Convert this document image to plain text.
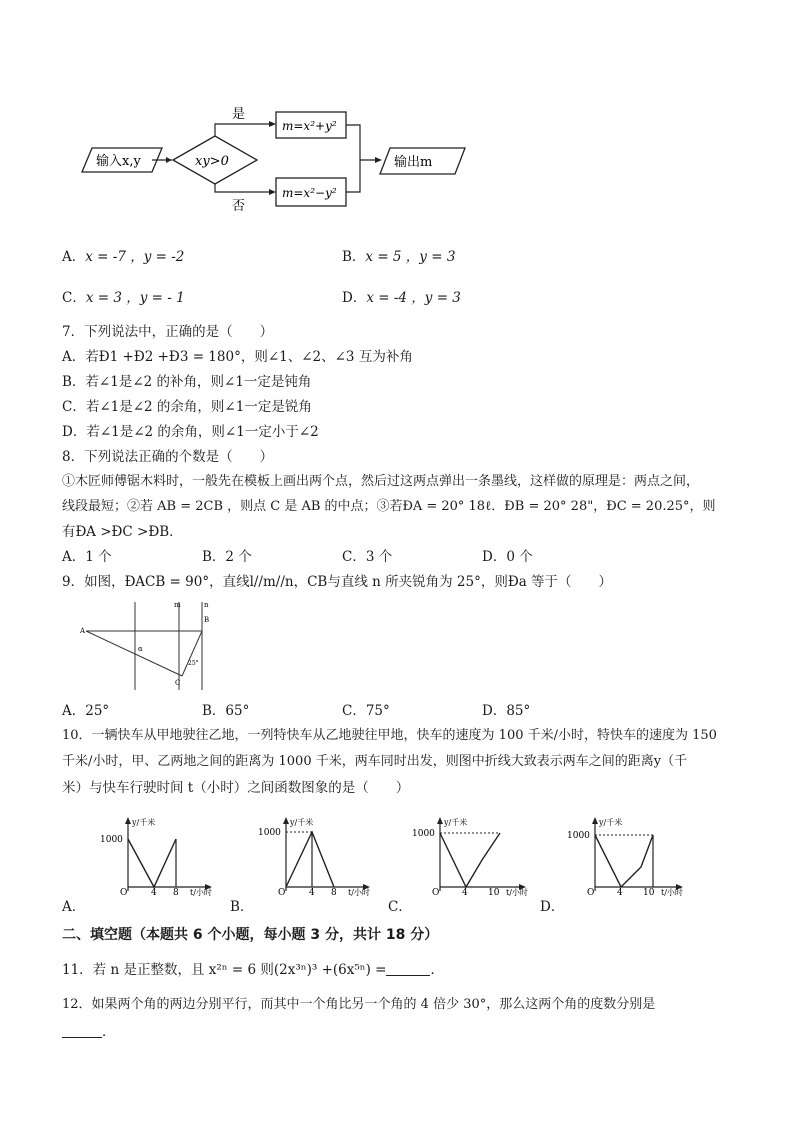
输入x,y	xy>0
是
m=x²+y²
否
m=x²−y²
输出m
A．x = -7 ，y = -2	B．x = 5 ，y = 3
C．x = 3 ，y = - 1	D．x = -4 ，y = 3
7．下列说法中，正确的是（　　）
A．若Ð1 +Ð2 +Ð3 = 180°，则∠1、∠2、∠3 互为补角
B．若∠1是∠2 的补角，则∠1一定是钝角
C．若∠1是∠2 的余角，则∠1一定是锐角
D．若∠1是∠2 的余角，则∠1一定小于∠2
8．下列说法正确的个数是（　　）
①木匠师傅锯木料时，一般先在模板上画出两个点，然后过这两点弹出一条墨线，这样做的原理是：两点之间，
线段最短；②若 AB = 2CB ，则点 C 是 AB 的中点；③若ÐA = 20° 18ℓ．ÐB = 20° 28"，ÐC = 20.25°，则
有ÐA >ÐC >ÐB．
A．1 个	B．2 个	C．3 个	D．0 个
9．如图，ÐACB = 90°，直线l//m//n，CB与直线 n 所夹锐角为 25°，则Ða 等于（　　）
m	n
A
B
C
α
25°
A．25°	B．65°	C．75°	D．85°
10．一辆快车从甲地驶往乙地，一列特快车从乙地驶往甲地，快车的速度为 100 千米/小时，特快车的速度为 150
千米/小时，甲、乙两地之间的距离为 1000 千米，两车同时出发，则图中折线大致表示两车之间的距离y（千
米）与快车行驶时间 t（小时）之间函数图象的是（　　）
y/千米
1000
O	4 8 t/小时
A．
y/千米
1000
O	4 8 t/小时
B．
y/千米
1000
O	4 10 t/小时
C．
y/千米
1000
O	4 10 t/小时
D．
二、填空题（本题共 6 个小题，每小题 3 分，共计 18 分）
11．若 n 是正整数，且 x²ⁿ = 6 则(2x³ⁿ)³ +(6x⁵ⁿ) =	．
12．如果两个角的两边分别平行，而其中一个角比另一个角的 4 倍少 30°，那么这两个角的度数分别是
．
